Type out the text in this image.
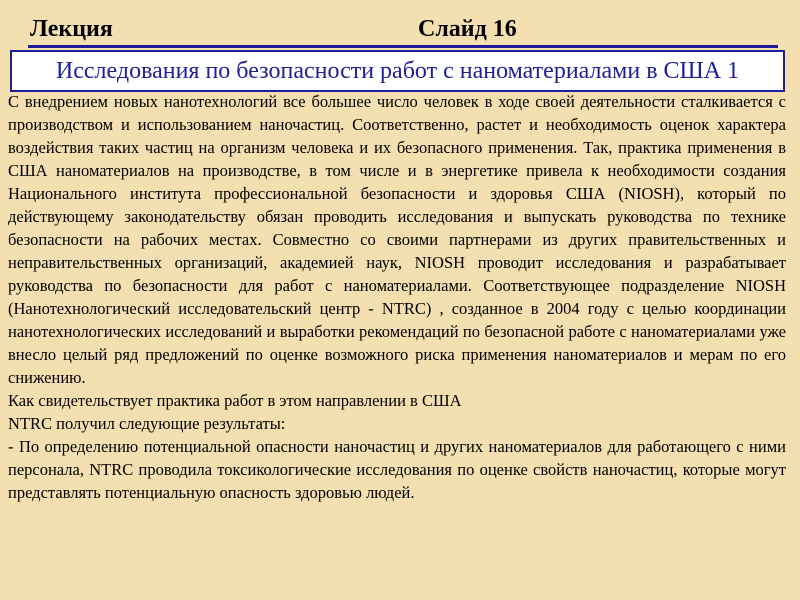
Лекция	Слайд 16
Исследования по безопасности работ с наноматериалами в США 1

С внедрением новых нанотехнологий все большее число человек в ходе своей деятельности сталкивается с производством и использованием наночастиц. Соответственно, растет и необходимость оценок характера воздействия таких частиц на организм человека и их безопасного применения. Так, практика применения в США наноматериалов на производстве, в том числе и в энергетике привела к необходимости создания Национального института профессиональной безопасности и здоровья США (NIOSH), который по действующему законодательству обязан проводить исследования и выпускать руководства по технике безопасности на рабочих местах. Совместно со своими партнерами из других правительственных и неправительственных организаций, академией наук, NIOSH проводит исследования и разрабатывает руководства по безопасности для работ с наноматериалами. Соответствующее подразделение NIOSH (Нанотехнологический исследовательский центр - NTRC) , созданное в 2004 году с целью координации нанотехнологических исследований и выработки рекомендаций по безопасной работе с наноматериалами уже внесло целый ряд предложений по оценке возможного риска применения наноматериалов и мерам по его снижению.

Как свидетельствует практика работ в этом направлении в США

NTRC получил следующие результаты:

- По определению потенциальной опасности наночастиц и других наноматериалов для работающего с ними персонала, NTRC проводила токсикологические исследования по оценке свойств наночастиц, которые могут представлять потенциальную опасность здоровью людей.
